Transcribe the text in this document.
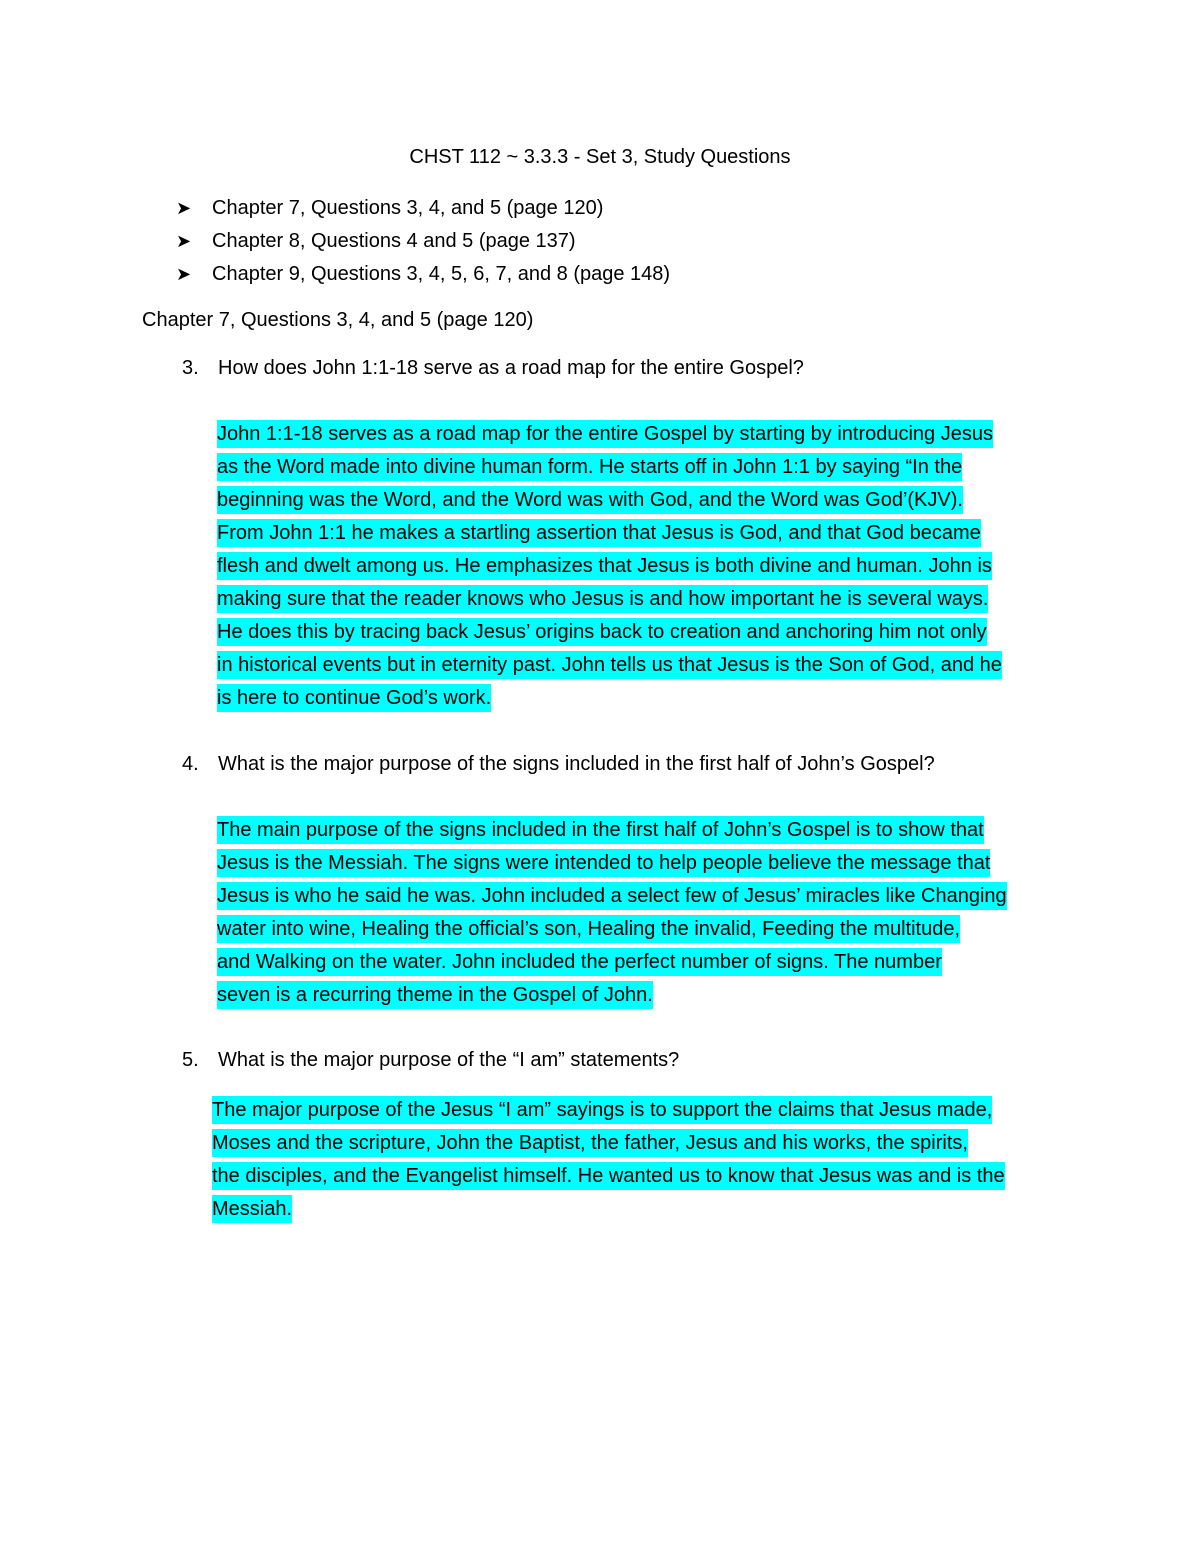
CHST 112 ~ 3.3.3 - Set 3, Study Questions
➤	Chapter 7, Questions 3, 4, and 5 (page 120)
➤	Chapter 8, Questions 4 and 5 (page 137)
➤	Chapter 9, Questions 3, 4, 5, 6, 7, and 8 (page 148)
Chapter 7, Questions 3, 4, and 5 (page 120)
3. How does John 1:1-18 serve as a road map for the entire Gospel?
John 1:1-18 serves as a road map for the entire Gospel by starting by introducing Jesus
as the Word made into divine human form. He starts off in John 1:1 by saying “In the
beginning was the Word, and the Word was with God, and the Word was God’(KJV).
From John 1:1 he makes a startling assertion that Jesus is God, and that God became
flesh and dwelt among us. He emphasizes that Jesus is both divine and human. John is
making sure that the reader knows who Jesus is and how important he is several ways.
He does this by tracing back Jesus’ origins back to creation and anchoring him not only
in historical events but in eternity past. John tells us that Jesus is the Son of God, and he
is here to continue God’s work.
4. What is the major purpose of the signs included in the first half of John’s Gospel?
The main purpose of the signs included in the first half of John’s Gospel is to show that
Jesus is the Messiah. The signs were intended to help people believe the message that
Jesus is who he said he was. John included a select few of Jesus’ miracles like Changing
water into wine, Healing the official’s son, Healing the invalid, Feeding the multitude,
and Walking on the water. John included the perfect number of signs. The number
seven is a recurring theme in the Gospel of John.
5. What is the major purpose of the “I am” statements?
The major purpose of the Jesus “I am” sayings is to support the claims that Jesus made,
Moses and the scripture, John the Baptist, the father, Jesus and his works, the spirits,
the disciples, and the Evangelist himself. He wanted us to know that Jesus was and is the
Messiah.
